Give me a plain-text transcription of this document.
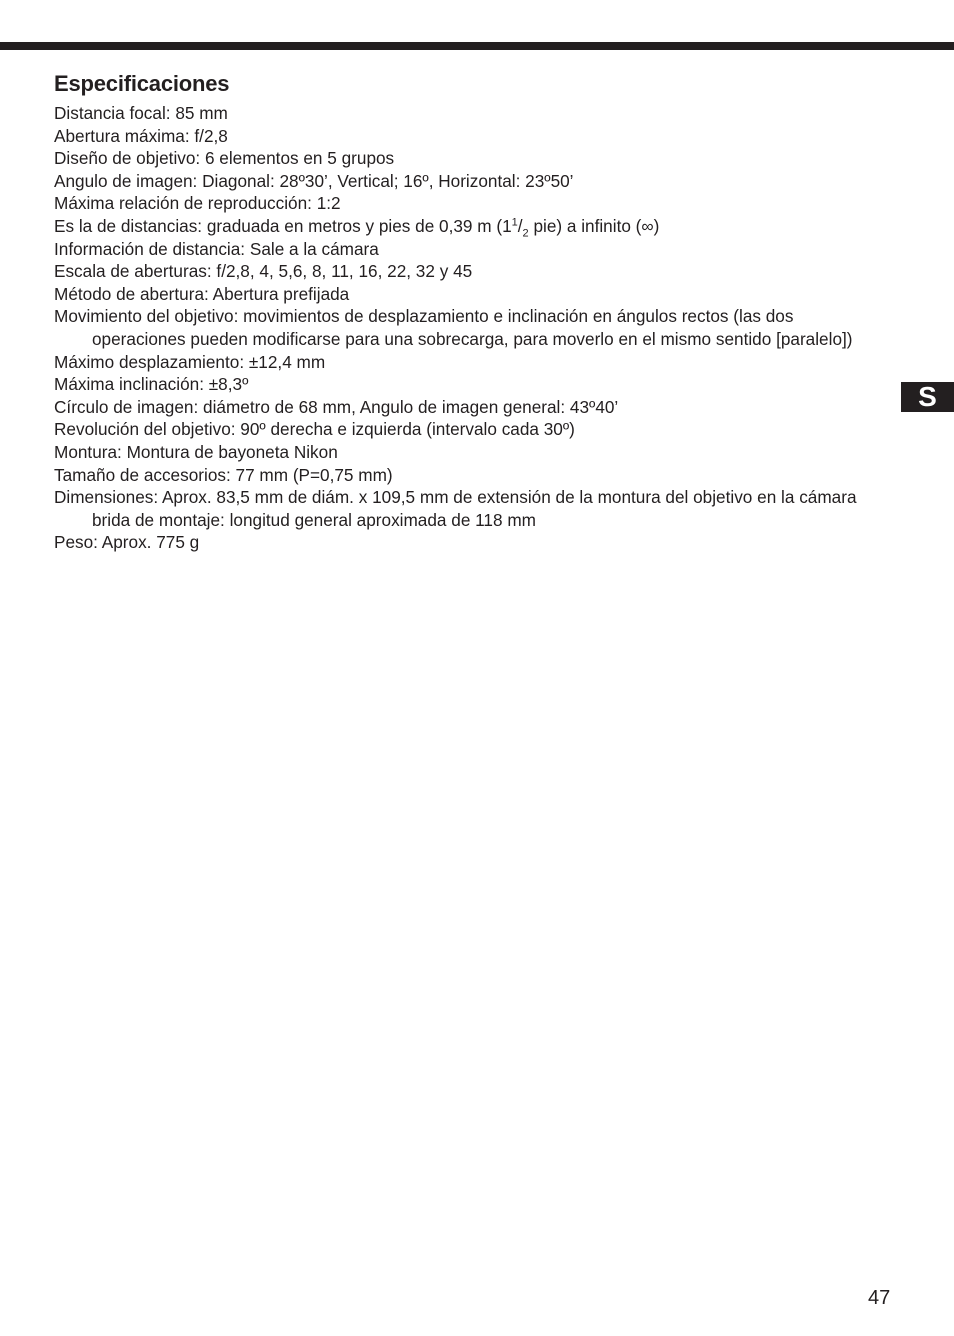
Especificaciones
Distancia focal: 85 mm
Abertura máxima: f/2,8
Diseño de objetivo: 6 elementos en 5 grupos
Angulo de imagen: Diagonal: 28º30’, Vertical; 16º, Horizontal: 23º50’
Máxima relación de reproducción: 1:2
Es la de distancias: graduada en metros y pies de 0,39 m ($1^1/_2$ pie) a infinito (∞)
Información de distancia: Sale a la cámara
Escala de aberturas: f/2,8, 4, 5,6, 8, 11, 16, 22, 32 y 45
Método de abertura: Abertura prefijada
Movimiento del objetivo: movimientos de desplazamiento e inclinación en ángulos rectos (las dos operaciones pueden modificarse para una sobrecarga, para moverlo en el mismo sentido [paralelo])
Máximo desplazamiento: ±12,4 mm
Máxima inclinación: ±8,3º
Círculo de imagen: diámetro de 68 mm, Angulo de imagen general: 43º40’
Revolución del objetivo: 90º derecha e izquierda (intervalo cada 30º)
Montura: Montura de bayoneta Nikon
Tamaño de accesorios: 77 mm (P=0,75 mm)
Dimensiones: Aprox. 83,5 mm de diám. x 109,5 mm de extensión de la montura del objetivo en la cámara brida de montaje: longitud general aproximada de 118 mm
Peso: Aprox. 775 g
S
47
